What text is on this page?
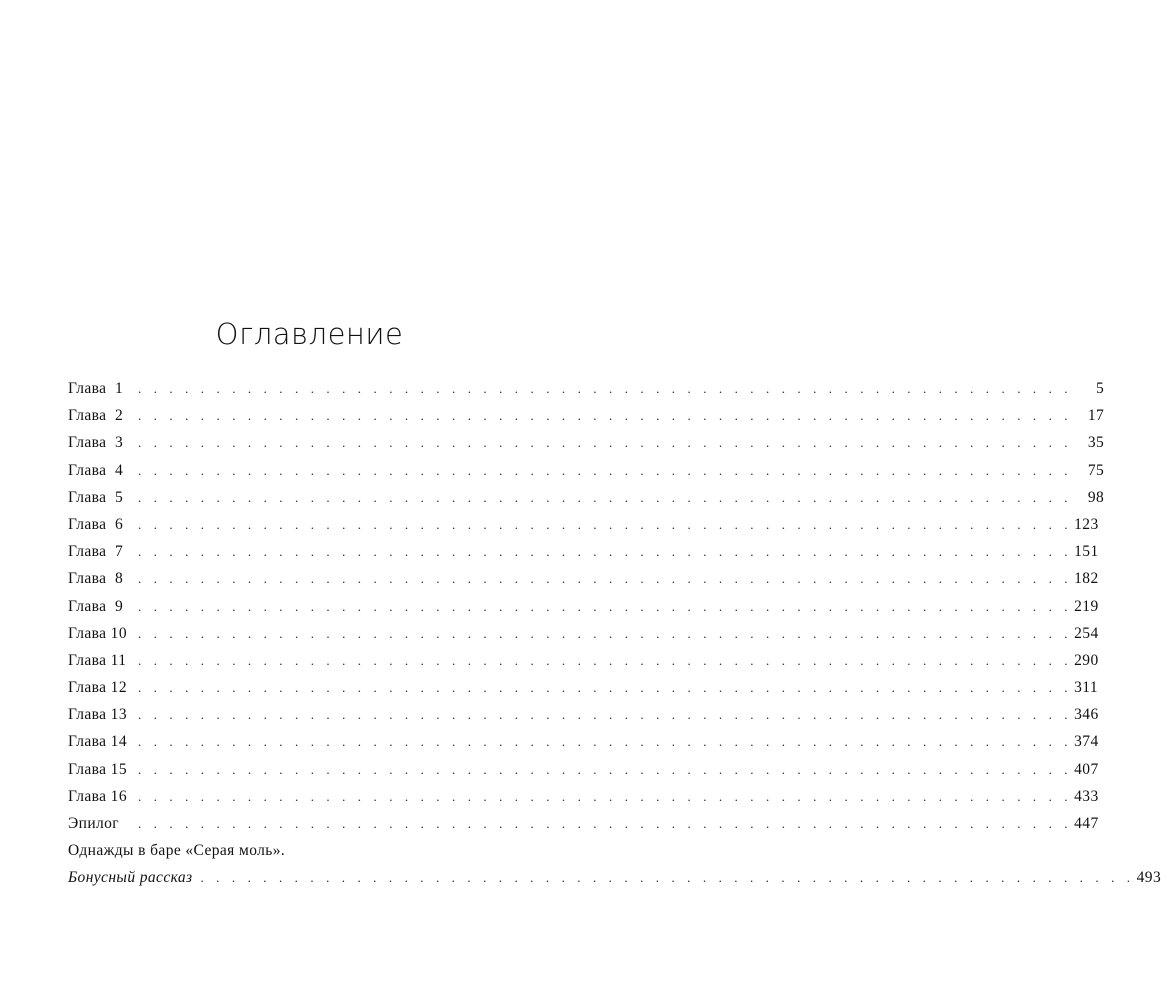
Оглавление
Глава  1	. . . . . . . . . . . . . . . . . . . . . . . . . . . . . . . . . . . . . . . . . . . . . . . . . . . . . . . . . . . .	5
Глава  2	. . . . . . . . . . . . . . . . . . . . . . . . . . . . . . . . . . . . . . . . . . . . . . . . . . . . . . . . . . . .	17
Глава  3	. . . . . . . . . . . . . . . . . . . . . . . . . . . . . . . . . . . . . . . . . . . . . . . . . . . . . . . . . . . .	35
Глава  4	. . . . . . . . . . . . . . . . . . . . . . . . . . . . . . . . . . . . . . . . . . . . . . . . . . . . . . . . . . . .	75
Глава  5	. . . . . . . . . . . . . . . . . . . . . . . . . . . . . . . . . . . . . . . . . . . . . . . . . . . . . . . . . . . .	98
Глава  6	. . . . . . . . . . . . . . . . . . . . . . . . . . . . . . . . . . . . . . . . . . . . . . . . . . . . . . . . . . . . 123
Глава  7	. . . . . . . . . . . . . . . . . . . . . . . . . . . . . . . . . . . . . . . . . . . . . . . . . . . . . . . . . . . . 151
Глава  8	. . . . . . . . . . . . . . . . . . . . . . . . . . . . . . . . . . . . . . . . . . . . . . . . . . . . . . . . . . . . 182
Глава  9	. . . . . . . . . . . . . . . . . . . . . . . . . . . . . . . . . . . . . . . . . . . . . . . . . . . . . . . . . . . . 219
Глава 10 . . . . . . . . . . . . . . . . . . . . . . . . . . . . . . . . . . . . . . . . . . . . . . . . . . . . . . . . . . . . 254
Глава 11 . . . . . . . . . . . . . . . . . . . . . . . . . . . . . . . . . . . . . . . . . . . . . . . . . . . . . . . . . . . . 290
Глава 12 . . . . . . . . . . . . . . . . . . . . . . . . . . . . . . . . . . . . . . . . . . . . . . . . . . . . . . . . . . . . 311
Глава 13 . . . . . . . . . . . . . . . . . . . . . . . . . . . . . . . . . . . . . . . . . . . . . . . . . . . . . . . . . . . . 346
Глава 14 . . . . . . . . . . . . . . . . . . . . . . . . . . . . . . . . . . . . . . . . . . . . . . . . . . . . . . . . . . . . 374
Глава 15 . . . . . . . . . . . . . . . . . . . . . . . . . . . . . . . . . . . . . . . . . . . . . . . . . . . . . . . . . . . . 407
Глава 16 . . . . . . . . . . . . . . . . . . . . . . . . . . . . . . . . . . . . . . . . . . . . . . . . . . . . . . . . . . . . 433
Эпилог	. . . . . . . . . . . . . . . . . . . . . . . . . . . . . . . . . . . . . . . . . . . . . . . . . . . . . . . . . . . . 447
Однажды в баре «Серая моль».
Бонусный рассказ . . . . . . . . . . . . . . . . . . . . . . . . . . . . . . . . . . . . . . . . . . . . . . . . . . . . . . . . . . . . 493
